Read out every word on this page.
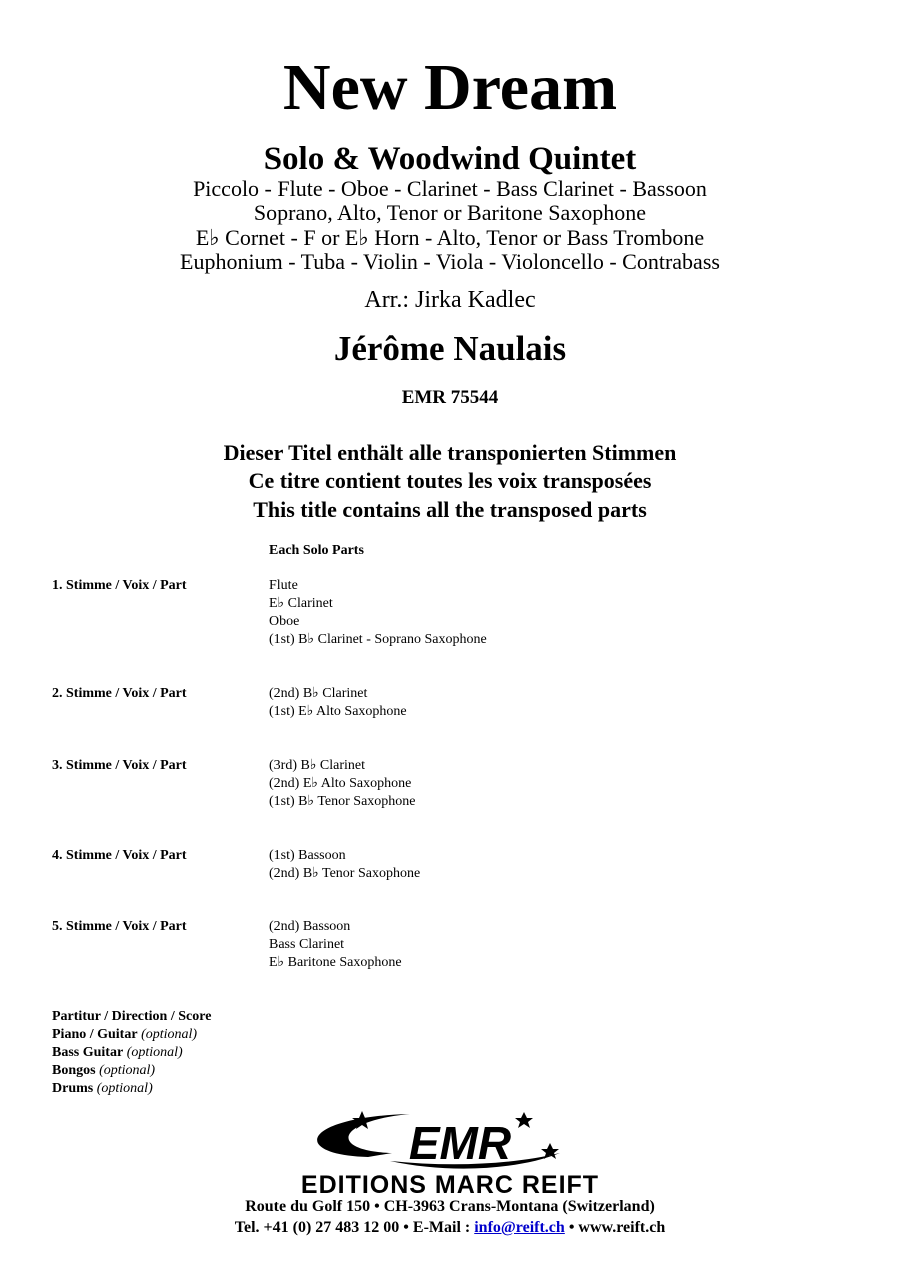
New Dream
Solo & Woodwind Quintet
Piccolo - Flute - Oboe - Clarinet - Bass Clarinet - Bassoon
Soprano, Alto, Tenor or Baritone Saxophone
E♭ Cornet - F or E♭ Horn - Alto, Tenor or Bass Trombone
Euphonium - Tuba - Violin - Viola - Violoncello - Contrabass
Arr.: Jirka Kadlec
Jérôme Naulais
EMR 75544
Dieser Titel enthält alle transponierten Stimmen
Ce titre contient toutes les voix transposées
This title contains all the transposed parts
Each Solo Parts
1. Stimme / Voix / Part	Flute
E♭ Clarinet
Oboe
(1st) B♭ Clarinet - Soprano Saxophone
2. Stimme / Voix / Part	(2nd) B♭ Clarinet
(1st) E♭ Alto Saxophone
3. Stimme / Voix / Part	(3rd) B♭ Clarinet
(2nd) E♭ Alto Saxophone
(1st) B♭ Tenor Saxophone
4. Stimme / Voix / Part	(1st) Bassoon
(2nd) B♭ Tenor Saxophone
5. Stimme / Voix / Part	(2nd) Bassoon
Bass Clarinet
E♭ Baritone Saxophone
Partitur / Direction / Score
Piano / Guitar (optional)
Bass Guitar (optional)
Bongos (optional)
Drums (optional)
EMR
EDITIONS MARC REIFT
Route du Golf 150 • CH-3963 Crans-Montana (Switzerland)
Tel. +41 (0) 27 483 12 00 • E-Mail : info@reift.ch • www.reift.ch
